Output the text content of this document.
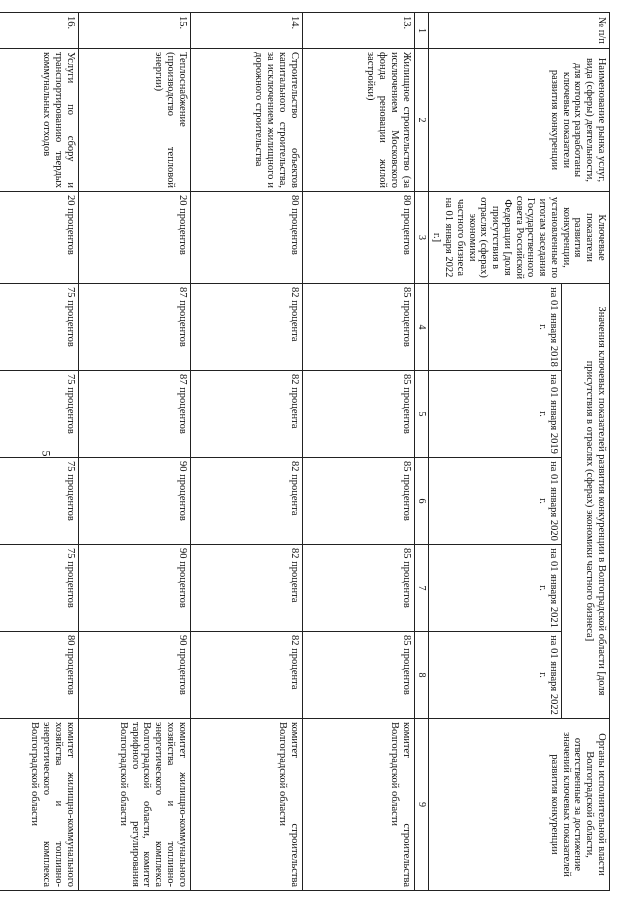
5
№ п/п	Наименование рынка услуг, вида (сферы) деятельности, для которых разработаны ключевые показатели развития конкуренции	Ключевые показатели развития конкуренции, установленные по итогам заседания Государственного совета Российской Федерации [доля присутствия в отраслях (сферах) экономики частного бизнеса на 01 января 2022 г.]	Значения ключевых показателей развития конкуренции в Волгоградской области [доля присутствия в отраслях (сферах) экономики частного бизнеса]					Органы исполнительной власти Волгоградской области, ответственные за достижение значений ключевых показателей развития конкуренции
			на 01 января 2018 г.	на 01 января 2019 г.	на 01 января 2020 г.	на 01 января 2021 г.	на 01 января 2022 г.	
1	2	3	4	5	6	7	8	9
13.	Жилищное строительство (за исключением Московского фонда реновации жилой застройки)	80 процентов	85 процентов	85 процентов	85 процентов	85 процентов	85 процентов	комитет строительства Волгоградской области
14.	Строительство объектов капитального строительства, за исключением жилищного и дорожного строительства	80 процентов	82 процента	82 процента	82 процента	82 процента	82 процента	комитет строительства Волгоградской области
15.	Теплоснабжение (производство тепловой энергии)	20 процентов	87 процентов	87 процентов	90 процентов	90 процентов	90 процентов	комитет жилищно-коммунального хозяйства и топливно-энергетического комплекса Волгоградской области, комитет тарифного регулирования Волгоградской области
16.	Услуги по сбору и транспортированию твердых коммунальных отходов	20 процентов	75 процентов	75 процентов	75 процентов	75 процентов	80 процентов	комитет жилищно-коммунального хозяйства и топливно-энергетического комплекса Волгоградской области
